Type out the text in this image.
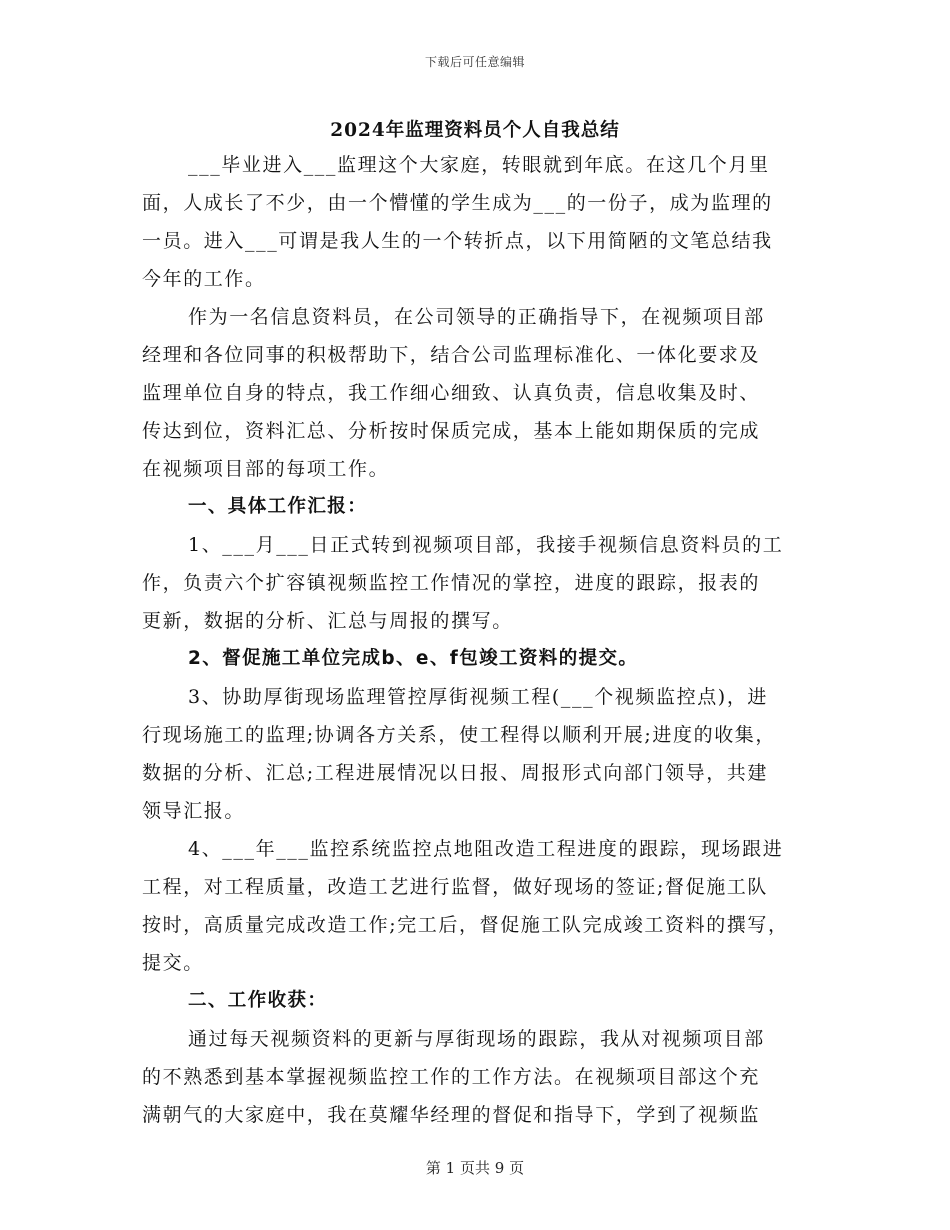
下载后可任意编辑
2024年监理资料员个人自我总结
___毕业进入___监理这个大家庭，转眼就到年底。在这几个月里
面，人成长了不少，由一个懵懂的学生成为___的一份子，成为监理的
一员。进入___可谓是我人生的一个转折点，以下用简陋的文笔总结我
今年的工作。
作为一名信息资料员，在公司领导的正确指导下，在视频项目部
经理和各位同事的积极帮助下，结合公司监理标准化、一体化要求及
监理单位自身的特点，我工作细心细致、认真负责，信息收集及时、
传达到位，资料汇总、分析按时保质完成，基本上能如期保质的完成
在视频项目部的每项工作。
一、具体工作汇报：
1、___月___日正式转到视频项目部，我接手视频信息资料员的工
作，负责六个扩容镇视频监控工作情况的掌控，进度的跟踪，报表的
更新，数据的分析、汇总与周报的撰写。
2、督促施工单位完成b、e、f包竣工资料的提交。
3、协助厚街现场监理管控厚街视频工程(___个视频监控点)，进
行现场施工的监理;协调各方关系，使工程得以顺利开展;进度的收集，
数据的分析、汇总;工程进展情况以日报、周报形式向部门领导，共建
领导汇报。
4、___年___监控系统监控点地阻改造工程进度的跟踪，现场跟进
工程，对工程质量，改造工艺进行监督，做好现场的签证;督促施工队
按时，高质量完成改造工作;完工后，督促施工队完成竣工资料的撰写，
提交。
二、工作收获：
通过每天视频资料的更新与厚街现场的跟踪，我从对视频项目部
的不熟悉到基本掌握视频监控工作的工作方法。在视频项目部这个充
满朝气的大家庭中，我在莫耀华经理的督促和指导下，学到了视频监
第 1 页共 9 页
